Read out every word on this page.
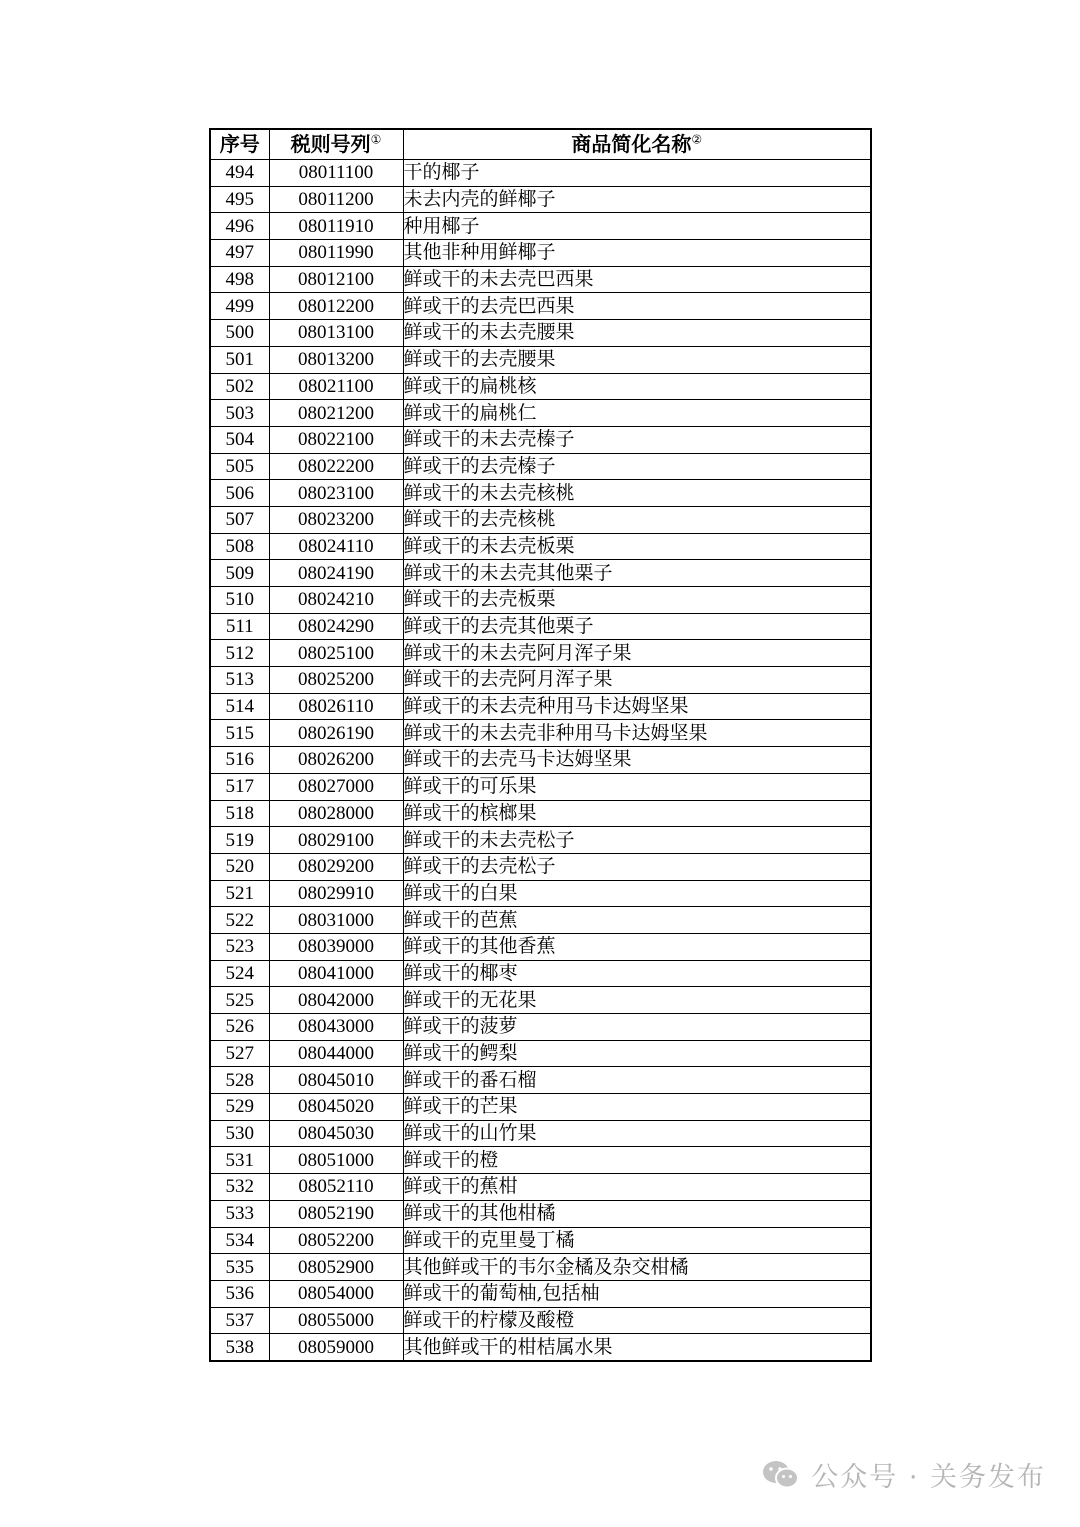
序号	税则号列①	商品简化名称②
494	08011100	干的椰子
495	08011200	未去内壳的鲜椰子
496	08011910	种用椰子
497	08011990	其他非种用鲜椰子
498	08012100	鲜或干的未去壳巴西果
499	08012200	鲜或干的去壳巴西果
500	08013100	鲜或干的未去壳腰果
501	08013200	鲜或干的去壳腰果
502	08021100	鲜或干的扁桃核
503	08021200	鲜或干的扁桃仁
504	08022100	鲜或干的未去壳榛子
505	08022200	鲜或干的去壳榛子
506	08023100	鲜或干的未去壳核桃
507	08023200	鲜或干的去壳核桃
508	08024110	鲜或干的未去壳板栗
509	08024190	鲜或干的未去壳其他栗子
510	08024210	鲜或干的去壳板栗
511	08024290	鲜或干的去壳其他栗子
512	08025100	鲜或干的未去壳阿月浑子果
513	08025200	鲜或干的去壳阿月浑子果
514	08026110	鲜或干的未去壳种用马卡达姆坚果
515	08026190	鲜或干的未去壳非种用马卡达姆坚果
516	08026200	鲜或干的去壳马卡达姆坚果
517	08027000	鲜或干的可乐果
518	08028000	鲜或干的槟榔果
519	08029100	鲜或干的未去壳松子
520	08029200	鲜或干的去壳松子
521	08029910	鲜或干的白果
522	08031000	鲜或干的芭蕉
523	08039000	鲜或干的其他香蕉
524	08041000	鲜或干的椰枣
525	08042000	鲜或干的无花果
526	08043000	鲜或干的菠萝
527	08044000	鲜或干的鳄梨
528	08045010	鲜或干的番石榴
529	08045020	鲜或干的芒果
530	08045030	鲜或干的山竹果
531	08051000	鲜或干的橙
532	08052110	鲜或干的蕉柑
533	08052190	鲜或干的其他柑橘
534	08052200	鲜或干的克里曼丁橘
535	08052900	其他鲜或干的韦尔金橘及杂交柑橘
536	08054000	鲜或干的葡萄柚,包括柚
537	08055000	鲜或干的柠檬及酸橙
538	08059000	其他鲜或干的柑桔属水果
公众号 · 关务发布
